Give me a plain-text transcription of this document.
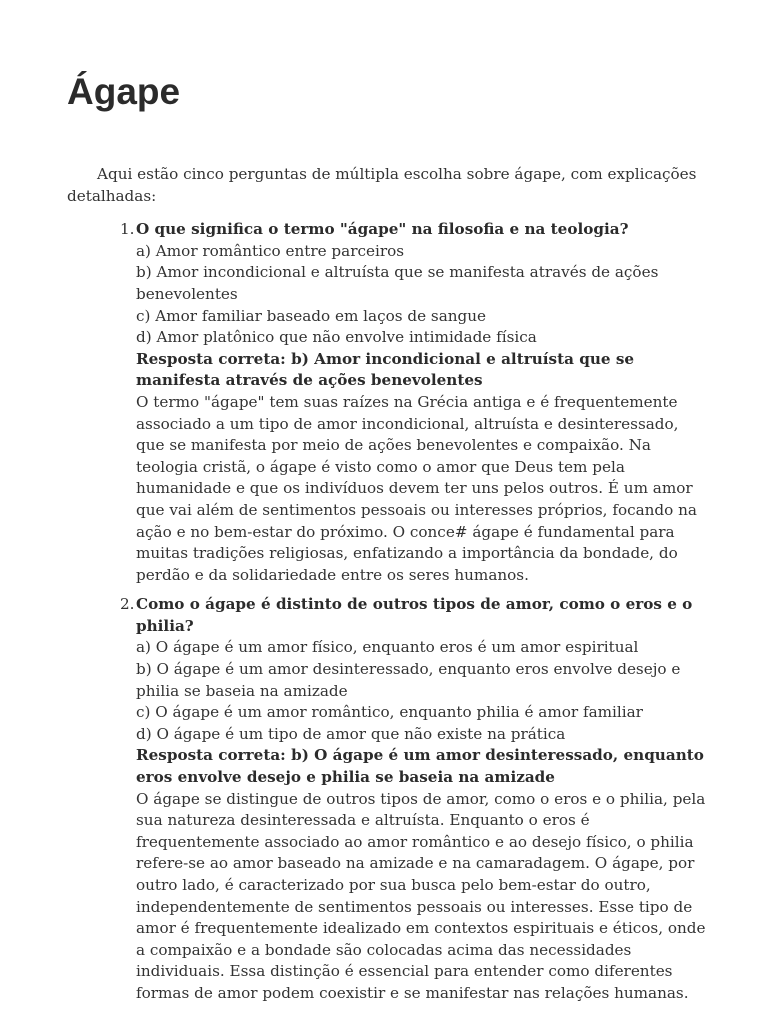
Ágape

Aqui estão cinco perguntas de múltipla escolha sobre ágape, com explicações detalhadas:

1. O que significa o termo "ágape" na filosofia e na teologia?
a) Amor romântico entre parceiros
b) Amor incondicional e altruísta que se manifesta através de ações benevolentes
c) Amor familiar baseado em laços de sangue
d) Amor platônico que não envolve intimidade física
Resposta correta: b) Amor incondicional e altruísta que se manifesta através de ações benevolentes
O termo "ágape" tem suas raízes na Grécia antiga e é frequentemente associado a um tipo de amor incondicional, altruísta e desinteressado, que se manifesta por meio de ações benevolentes e compaixão. Na teologia cristã, o ágape é visto como o amor que Deus tem pela humanidade e que os indivíduos devem ter uns pelos outros. É um amor que vai além de sentimentos pessoais ou interesses próprios, focando na ação e no bem-estar do próximo. O conce# ágape é fundamental para muitas tradições religiosas, enfatizando a importância da bondade, do perdão e da solidariedade entre os seres humanos.
2. Como o ágape é distinto de outros tipos de amor, como o eros e o philia?
a) O ágape é um amor físico, enquanto eros é um amor espiritual
b) O ágape é um amor desinteressado, enquanto eros envolve desejo e philia se baseia na amizade
c) O ágape é um amor romântico, enquanto philia é amor familiar
d) O ágape é um tipo de amor que não existe na prática
Resposta correta: b) O ágape é um amor desinteressado, enquanto eros envolve desejo e philia se baseia na amizade
O ágape se distingue de outros tipos de amor, como o eros e o philia, pela sua natureza desinteressada e altruísta. Enquanto o eros é frequentemente associado ao amor romântico e ao desejo físico, o philia refere-se ao amor baseado na amizade e na camaradagem. O ágape, por outro lado, é caracterizado por sua busca pelo bem-estar do outro, independentemente de sentimentos pessoais ou interesses. Esse tipo de amor é frequentemente idealizado em contextos espirituais e éticos, onde a compaixão e a bondade são colocadas acima das necessidades individuais. Essa distinção é essencial para entender como diferentes formas de amor podem coexistir e se manifestar nas relações humanas.
